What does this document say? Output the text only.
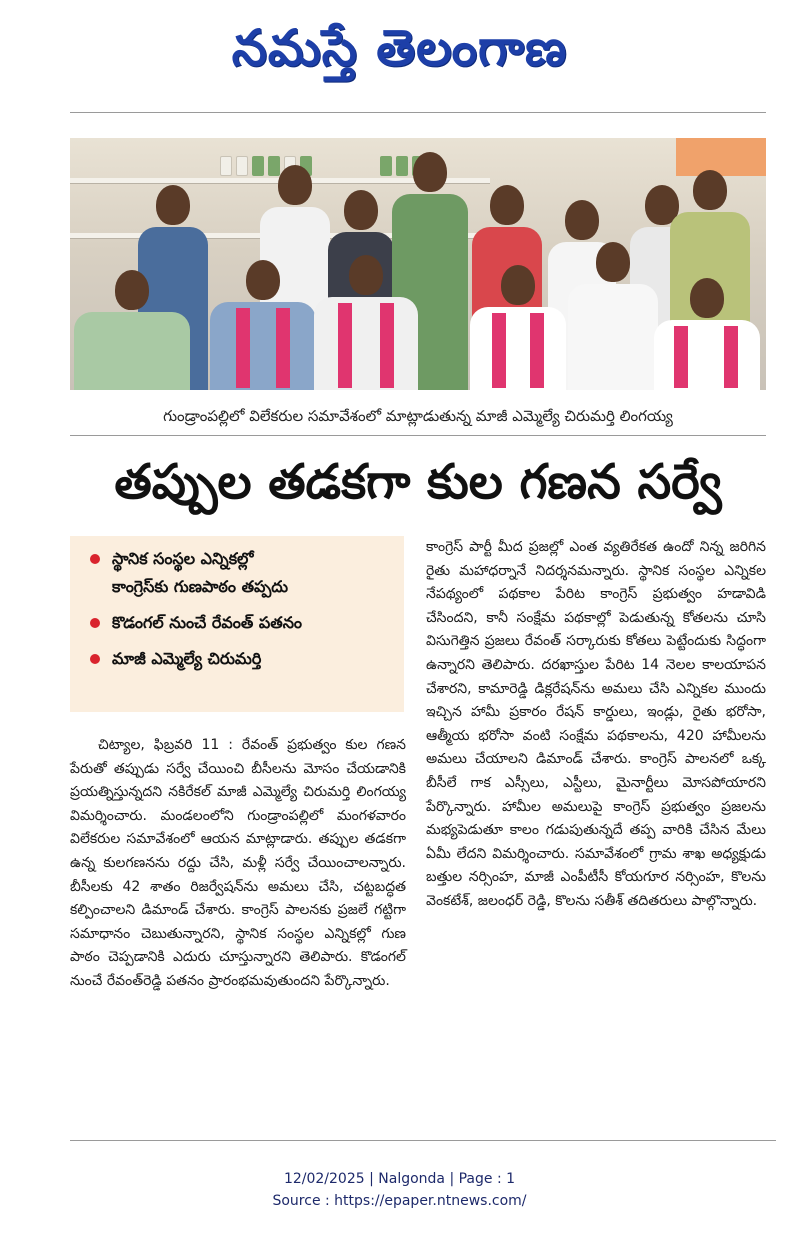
నమస్తే తెలంగాణ
గుండ్రాంపల్లిలో విలేకరుల సమావేశంలో మాట్లాడుతున్న మాజీ ఎమ్మెల్యే చిరుమర్తి లింగయ్య
తప్పుల తడకగా కుల గణన సర్వే
స్థానిక సంస్థల ఎన్నికల్లో
కాంగ్రెస్‌కు గుణపాఠం తప్పదు
కొడంగల్ నుంచే రేవంత్ పతనం
మాజీ ఎమ్మెల్యే చిరుమర్తి
చిట్యాల, ఫిబ్రవరి 11 : రేవంత్ ప్రభుత్వం కుల గణన పేరుతో తప్పుడు సర్వే చేయించి బీసీలను మోసం చేయడానికి ప్రయత్నిస్తున్నదని నకిరేకల్ మాజీ ఎమ్మెల్యే చిరుమర్తి లింగయ్య విమర్శించారు. మండలంలోని గుండ్రాంపల్లిలో మంగళవారం విలేకరుల సమావేశంలో ఆయన మాట్లాడారు. తప్పుల తడకగా ఉన్న కులగణనను రద్దు చేసి, మళ్లీ సర్వే చేయించాలన్నారు. బీసీలకు 42 శాతం రిజర్వేషన్‌ను అమలు చేసి, చట్టబద్ధత కల్పించాలని డిమాండ్ చేశారు. కాంగ్రెస్ పాలనకు ప్రజలే గట్టిగా సమాధానం చెబుతున్నారని, స్థానిక సంస్థల ఎన్నికల్లో గుణ పాఠం చెప్పడానికి ఎదురు చూస్తున్నారని తెలిపారు. కొడంగల్ నుంచే రేవంత్‌రెడ్డి పతనం ప్రారంభమవుతుందని పేర్కొన్నారు.
కాంగ్రెస్ పార్టీ మీద ప్రజల్లో ఎంత వ్యతిరేకత ఉందో నిన్న జరిగిన రైతు మహాధర్నానే నిదర్శనమన్నారు. స్థానిక సంస్థల ఎన్నికల నేపథ్యంలో పథకాల పేరిట కాంగ్రెస్ ప్రభుత్వం హడావిడి చేసిందని, కానీ సంక్షేమ పథకాల్లో పెడుతున్న కోతలను చూసి విసుగెత్తిన ప్రజలు రేవంత్ సర్కారుకు కోతలు పెట్టేందుకు సిద్ధంగా ఉన్నారని తెలిపారు. దరఖాస్తుల పేరిట 14 నెలల కాలయాపన చేశారని, కామారెడ్డి డిక్లరేషన్‌ను అమలు చేసి ఎన్నికల ముందు ఇచ్చిన హామీ ప్రకారం రేషన్ కార్డులు, ఇండ్లు, రైతు భరోసా, ఆత్మీయ భరోసా వంటి సంక్షేమ పథకాలను, 420 హామీలను అమలు చేయాలని డిమాండ్ చేశారు. కాంగ్రెస్ పాలనలో ఒక్క బీసీలే గాక ఎస్సీలు, ఎస్టీలు, మైనార్టీలు మోసపోయారని పేర్కొన్నారు. హామీల అమలుపై కాంగ్రెస్ ప్రభుత్వం ప్రజలను మభ్యపెడుతూ కాలం గడుపుతున్నదే తప్ప వారికి చేసిన మేలు ఏమీ లేదని విమర్శించారు. సమావేశంలో గ్రామ శాఖ అధ్యక్షుడు బత్తుల నర్సింహ, మాజీ ఎంపీటీసీ కోయగూర నర్సింహ, కొలను వెంకటేశ్, జలంధర్ రెడ్డి, కొలను సతీశ్ తదితరులు పాల్గొన్నారు.
12/02/2025 | Nalgonda | Page : 1
Source : https://epaper.ntnews.com/
